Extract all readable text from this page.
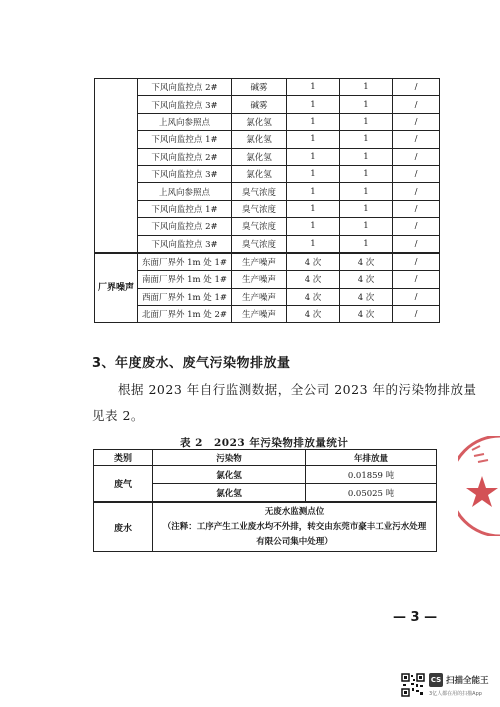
	下风向监控点 2#	碱雾	1	1	/
	下风向监控点 3#	碱雾	1	1	/
	上风向参照点	氯化氢	1	1	/
	下风向监控点 1#	氯化氢	1	1	/
	下风向监控点 2#	氯化氢	1	1	/
	下风向监控点 3#	氯化氢	1	1	/
	上风向参照点	臭气浓度	1	1	/
	下风向监控点 1#	臭气浓度	1	1	/
	下风向监控点 2#	臭气浓度	1	1	/
	下风向监控点 3#	臭气浓度	1	1	/
厂界噪声	东面厂界外 1m 处 1#	生产噪声	4 次	4 次	/
	南面厂界外 1m 处 1#	生产噪声	4 次	4 次	/
	西面厂界外 1m 处 1#	生产噪声	4 次	4 次	/
	北面厂界外 1m 处 2#	生产噪声	4 次	4 次	/
3、年度废水、废气污染物排放量
根据 2023 年自行监测数据，全公司 2023 年的污染物排放量
见表 2。
表 2　2023 年污染物排放量统计
类别	污染物	年排放量
废气	氯化氢	0.01859 吨
	氯化氢	0.05025 吨
废水	无废水监测点位
（注释：工序产生工业废水均不外排，转交由东莞市豪丰工业污水处理
有限公司集中处理）	
— 3 —
CS 扫描全能王
3亿人都在用的扫描App
